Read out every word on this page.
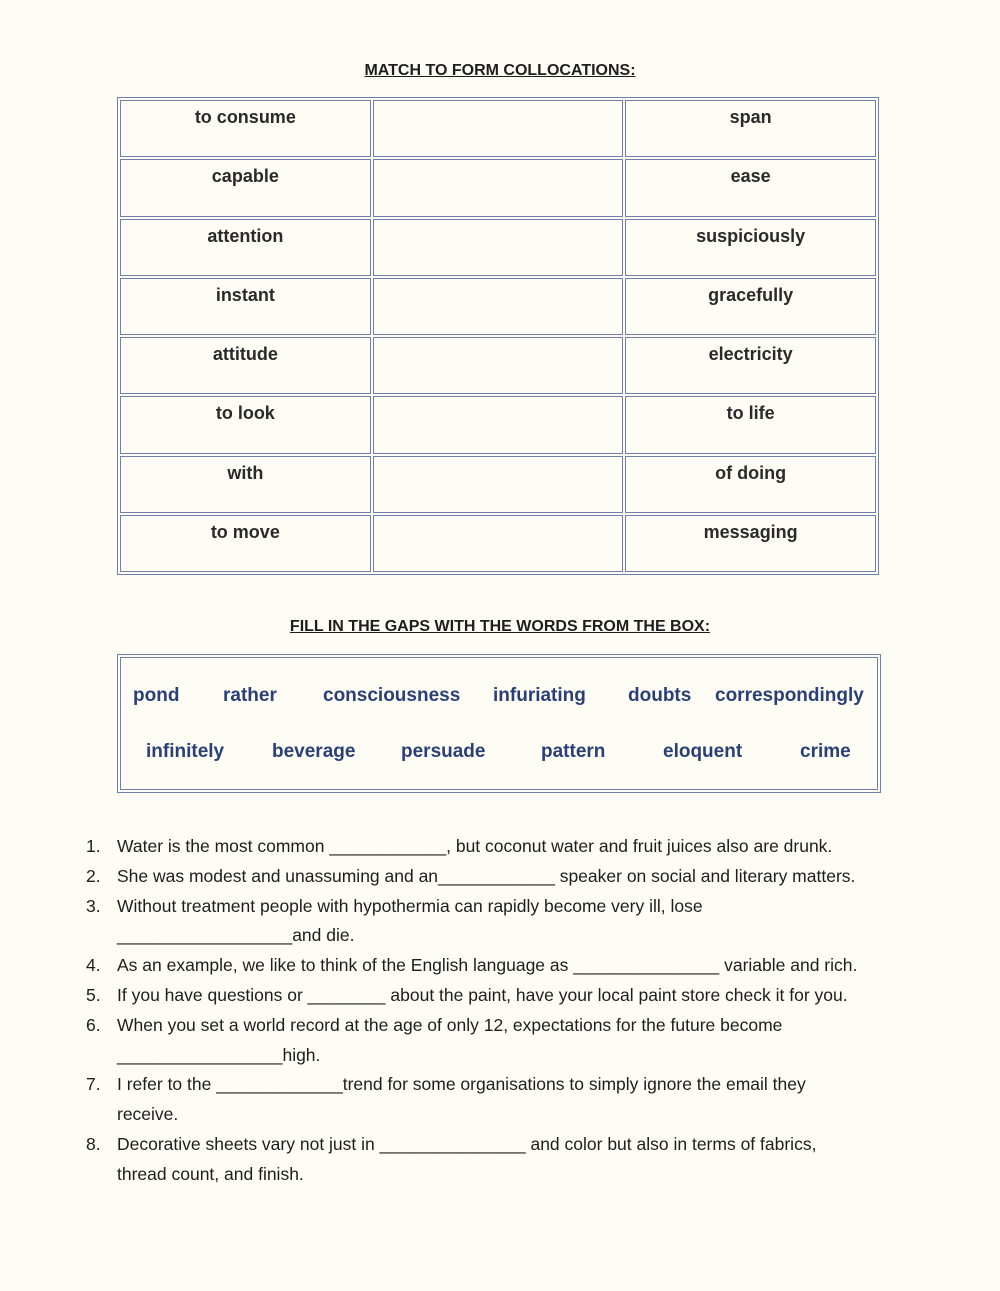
MATCH TO FORM COLLOCATIONS:
to consume	span
capable	ease
attention	suspiciously
instant	gracefully
attitude	electricity
to look	to life
with	of doing
to move	messaging
FILL IN THE GAPS WITH THE WORDS FROM THE BOX:
pond rather consciousness infuriating doubts correspondingly
infinitely	beverage persuade	pattern	eloquent	crime
1. Water is the most common ____________, but coconut water and fruit juices also are drunk.
2. She was modest and unassuming and an____________ speaker on social and literary matters.
3. Without treatment people with hypothermia can rapidly become very ill, lose
__________________and die.
4. As an example, we like to think of the English language as _______________ variable and rich.
5. If you have questions or ________ about the paint, have your local paint store check it for you.
6. When you set a world record at the age of only 12, expectations for the future become
_________________high.
7. I refer to the _____________trend for some organisations to simply ignore the email they
receive.
8. Decorative sheets vary not just in _______________ and color but also in terms of fabrics,
thread count, and finish.
